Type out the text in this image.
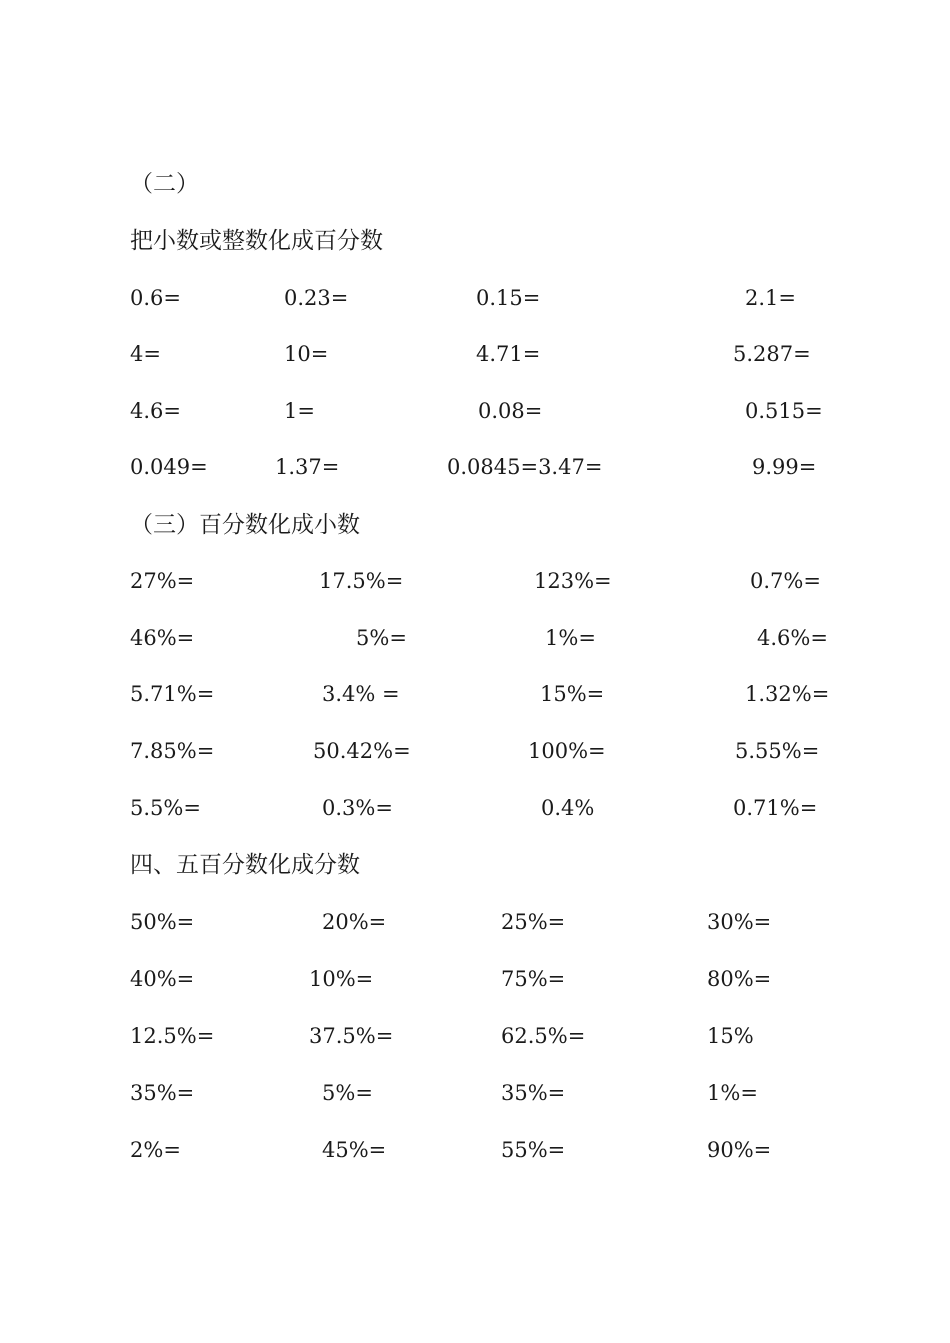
（二）
把小数或整数化成百分数
0.6=	0.23=	0.15=	2.1=
4=	10=	4.71=	5.287=
4.6=	1=	0.08=	0.515=
0.049=	1.37=	0.0845=3.47=	9.99=
（三）百分数化成小数
27%=	17.5%=	123%=	0.7%=
46%=	5%=	1%=	4.6%=
5.71%=	3.4% =	15%=	1.32%=
7.85%=	50.42%=	100%=	5.55%=
5.5%=	0.3%=	0.4%	0.71%=
四、五百分数化成分数
50%=	20%=	25%=	30%=
40%=	10%=	75%=	80%=
12.5%=	37.5%=	62.5%=	15%
35%=	5%=	35%=	1%=
2%=	45%=	55%=	90%=
